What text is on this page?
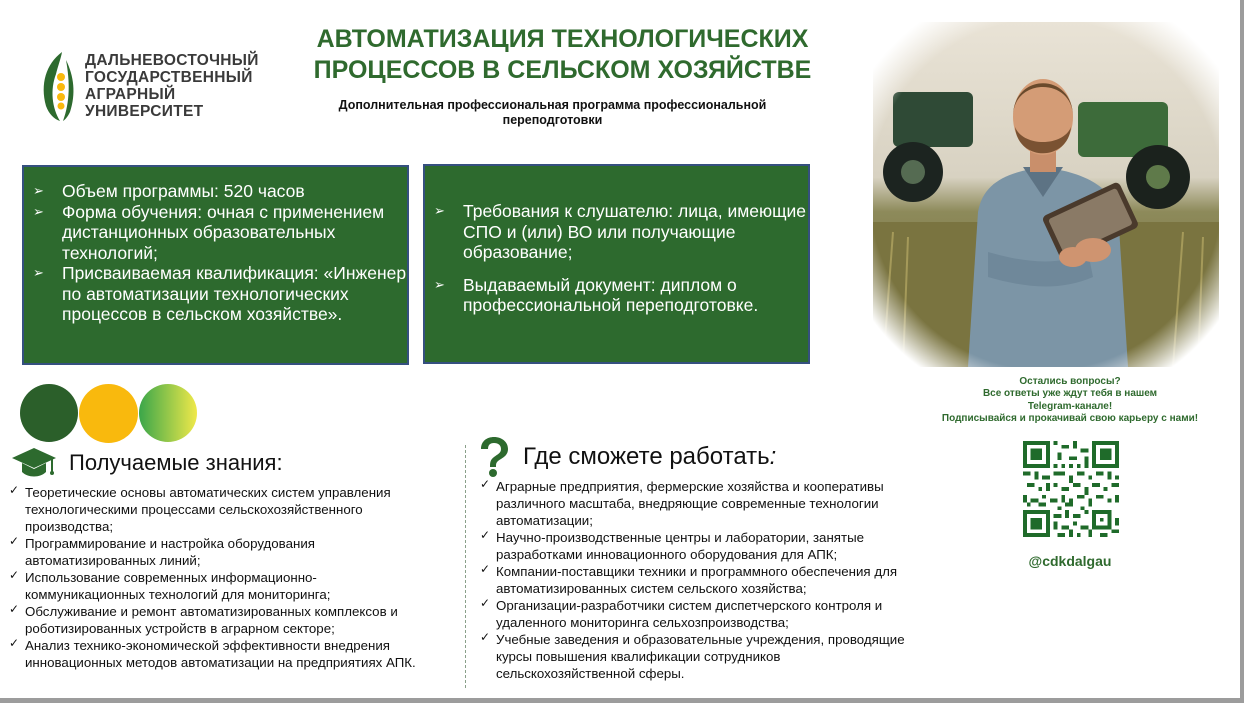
ДАЛЬНЕВОСТОЧНЫЙ
ГОСУДАРСТВЕННЫЙ
АГРАРНЫЙ
УНИВЕРСИТЕТ
АВТОМАТИЗАЦИЯ ТЕХНОЛОГИЧЕСКИХ
ПРОЦЕССОВ В СЕЛЬСКОМ ХОЗЯЙСТВЕ
Дополнительная профессиональная программа профессиональной переподготовки
➢ Объем программы: 520 часов
➢ Форма обучения: очная с применением дистанционных образовательных технологий;
➢ Присваиваемая квалификация: «Инженер по автоматизации технологических процессов в сельском хозяйстве».
➢ Требования к слушателю: лица, имеющие СПО и (или) ВО или получающие образование;
➢ Выдаваемый документ: диплом о профессиональной переподготовке.
Получаемые знания:
✓ Теоретические основы автоматических систем управления технологическими процессами сельскохозяйственного производства;
✓ Программирование и настройка оборудования автоматизированных линий;
✓ Использование современных информационно-коммуникационных технологий для мониторинга;
✓ Обслуживание и ремонт автоматизированных комплексов и роботизированных устройств в аграрном секторе;
✓ Анализ технико-экономической эффективности внедрения инновационных методов автоматизации на предприятиях АПК.
Где сможете работать:
✓ Аграрные предприятия, фермерские хозяйства и кооперативы различного масштаба, внедряющие современные технологии автоматизации;
✓ Научно-производственные центры и лаборатории, занятые разработками инновационного оборудования для АПК;
✓ Компании-поставщики техники и программного обеспечения для автоматизированных систем сельского хозяйства;
✓ Организации-разработчики систем диспетчерского контроля и удаленного мониторинга сельхозпроизводства;
✓ Учебные заведения и образовательные учреждения, проводящие курсы повышения квалификации сотрудников сельскохозяйственной сферы.
Остались вопросы?
Все ответы уже ждут тебя в нашем
Telegram-канале!
Подписывайся и прокачивай свою карьеру с нами!
@cdkdalgau
